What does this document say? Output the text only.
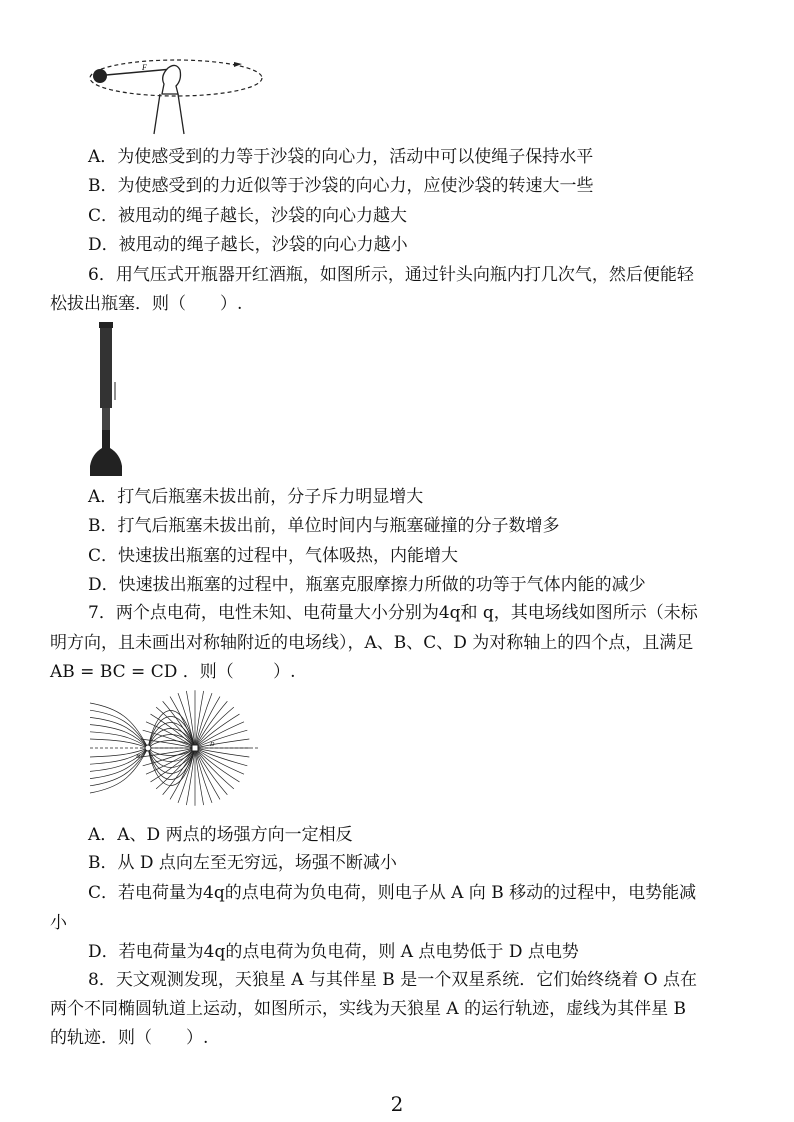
F
A．为使感受到的力等于沙袋的向心力，活动中可以使绳子保持水平
B．为使感受到的力近似等于沙袋的向心力，应使沙袋的转速大一些
C．被甩动的绳子越长，沙袋的向心力越大
D．被甩动的绳子越长，沙袋的向心力越小
6．用气压式开瓶器开红酒瓶，如图所示，通过针头向瓶内打几次气，然后便能轻
松拔出瓶塞．则（　　）.
A．打气后瓶塞未拔出前，分子斥力明显增大
B．打气后瓶塞未拔出前，单位时间内与瓶塞碰撞的分子数增多
C．快速拔出瓶塞的过程中，气体吸热，内能增大
D．快速拔出瓶塞的过程中，瓶塞克服摩擦力所做的功等于气体内能的减少
7．两个点电荷，电性未知、电荷量大小分别为4q和 q，其电场线如图所示（未标
明方向，且未画出对称轴附近的电场线），A、B、C、D 为对称轴上的四个点，且满足
AB = BC = CD ．则（　　 ）.
B
D
A．A、D 两点的场强方向一定相反
B．从 D 点向左至无穷远，场强不断减小
C．若电荷量为4q的点电荷为负电荷，则电子从 A 向 B 移动的过程中，电势能减
小
D．若电荷量为4q的点电荷为负电荷，则 A 点电势低于 D 点电势
8．天文观测发现，天狼星 A 与其伴星 B 是一个双星系统．它们始终绕着 O 点在
两个不同椭圆轨道上运动，如图所示，实线为天狼星 A 的运行轨迹，虚线为其伴星 B
的轨迹．则（　　）.
2
